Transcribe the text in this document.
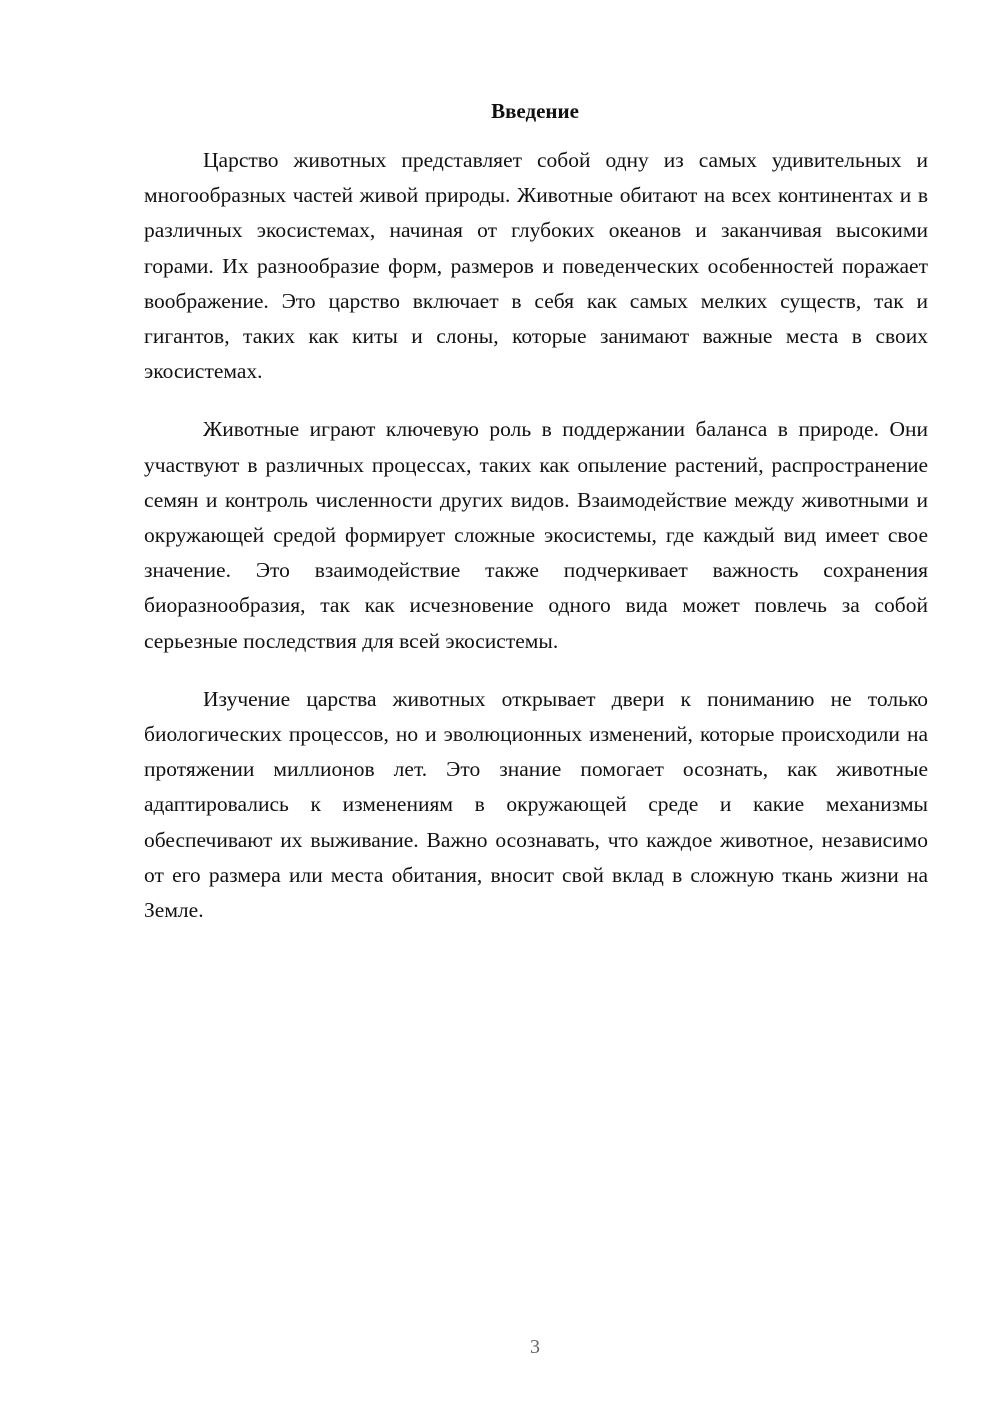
Введение

Царство животных представляет собой одну из самых удивительных и многообразных частей живой природы. Животные обитают на всех континентах и в различных экосистемах, начиная от глубоких океанов и заканчивая высокими горами. Их разнообразие форм, размеров и поведенческих особенностей поражает воображение. Это царство включает в себя как самых мелких существ, так и гигантов, таких как киты и слоны, которые занимают важные места в своих экосистемах.

Животные играют ключевую роль в поддержании баланса в природе. Они участвуют в различных процессах, таких как опыление растений, распространение семян и контроль численности других видов. Взаимодействие между животными и окружающей средой формирует сложные экосистемы, где каждый вид имеет свое значение. Это взаимодействие также подчеркивает важность сохранения биоразнообразия, так как исчезновение одного вида может повлечь за собой серьезные последствия для всей экосистемы.

Изучение царства животных открывает двери к пониманию не только биологических процессов, но и эволюционных изменений, которые происходили на протяжении миллионов лет. Это знание помогает осознать, как животные адаптировались к изменениям в окружающей среде и какие механизмы обеспечивают их выживание. Важно осознавать, что каждое животное, независимо от его размера или места обитания, вносит свой вклад в сложную ткань жизни на Земле.

3
